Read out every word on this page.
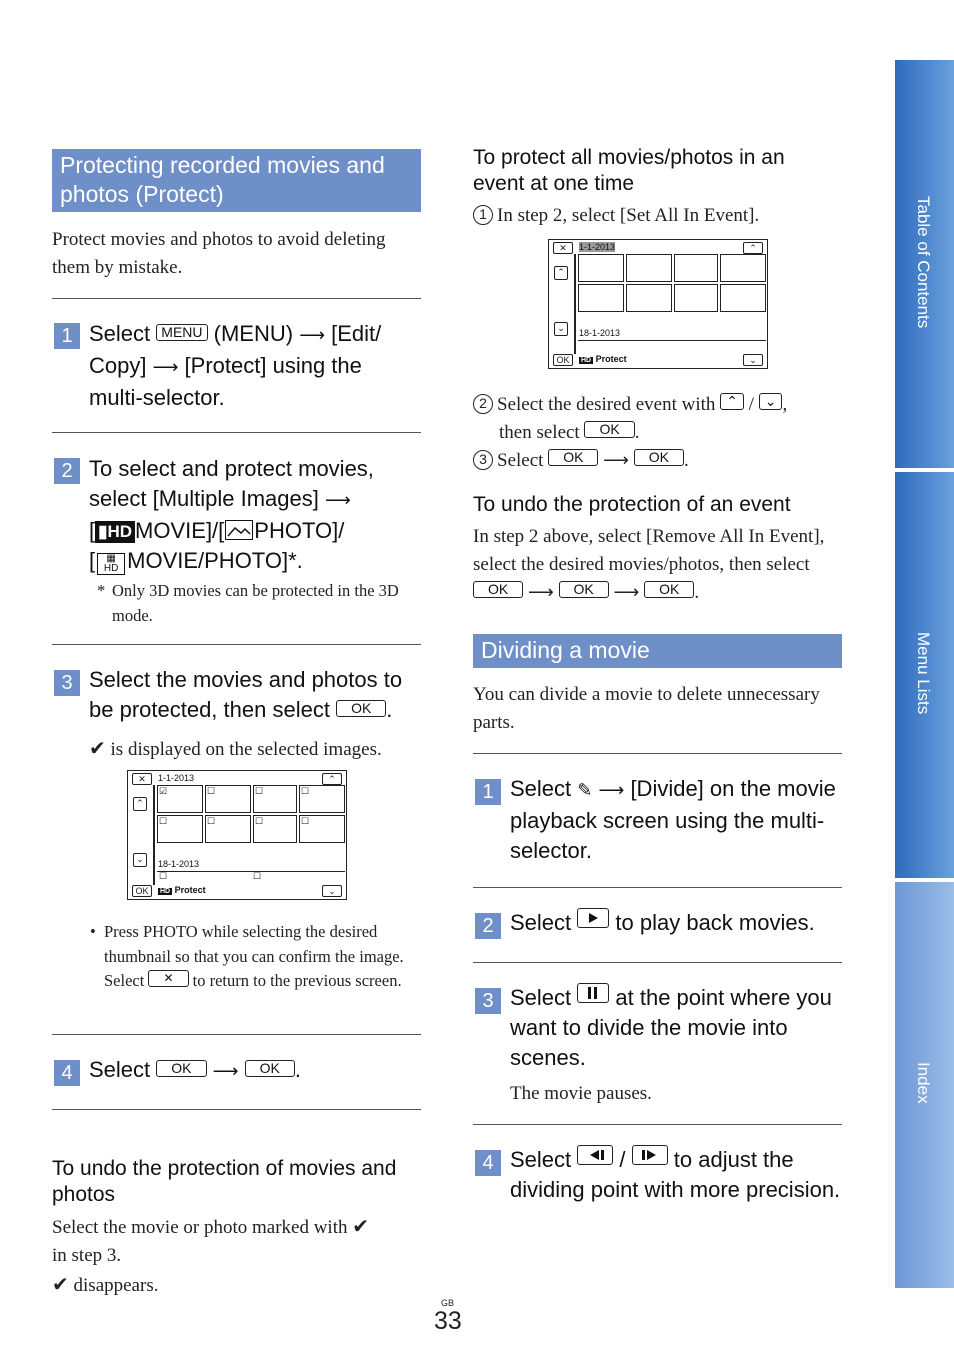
Protecting recorded movies and photos (Protect)
Protect movies and photos to avoid deleting them by mistake.
1 Select MENU (MENU) ⟶ [Edit/ Copy] ⟶ [Protect] using the multi-selector.
2 To select and protect movies, select [Multiple Images] ⟶
[ ▮HD MOVIE]/[ PHOTO]/
[ ▦
HD MOVIE/PHOTO]*.
* Only 3D movies can be protected in the 3D mode.
3 Select the movies and photos to be protected, then select OK .
✔ is displayed on the selected images.
✕	1-1-2013	⌃
⌃
⌄
☑	☐	☐	☐
☐	☐	☐	☐
18-1-2013
☐	☐
OK	HD Protect	⌄
• Press PHOTO while selecting the desired thumbnail so that you can confirm the image. Select ✕ to return to the previous screen.
4 Select OK ⟶ OK .
To undo the protection of movies and photos
Select the movie or photo marked with ✔
in step 3.
✔ disappears.
To protect all movies/photos in an event at one time
1 In step 2, select [Set All In Event].
✕	1-1-2013	⌃
⌃
⌄	18-1-2013
OK	HD Protect	⌄
2 Select the desired event with ⌃ / ⌄ ,
then select OK .
3 Select OK ⟶ OK .
To undo the protection of an event
In step 2 above, select [Remove All In Event], select the desired movies/photos, then select OK ⟶ OK ⟶ OK .
Dividing a movie
You can divide a movie to delete unnecessary parts.
1 Select ✎ ⟶ [Divide] on the movie playback screen using the multi-selector.
2 Select to play back movies.
3 Select at the point where you want to divide the movie into scenes.
The movie pauses.
4 Select / to adjust the dividing point with more precision.
Table of Contents
Menu Lists
Index
GB
33
